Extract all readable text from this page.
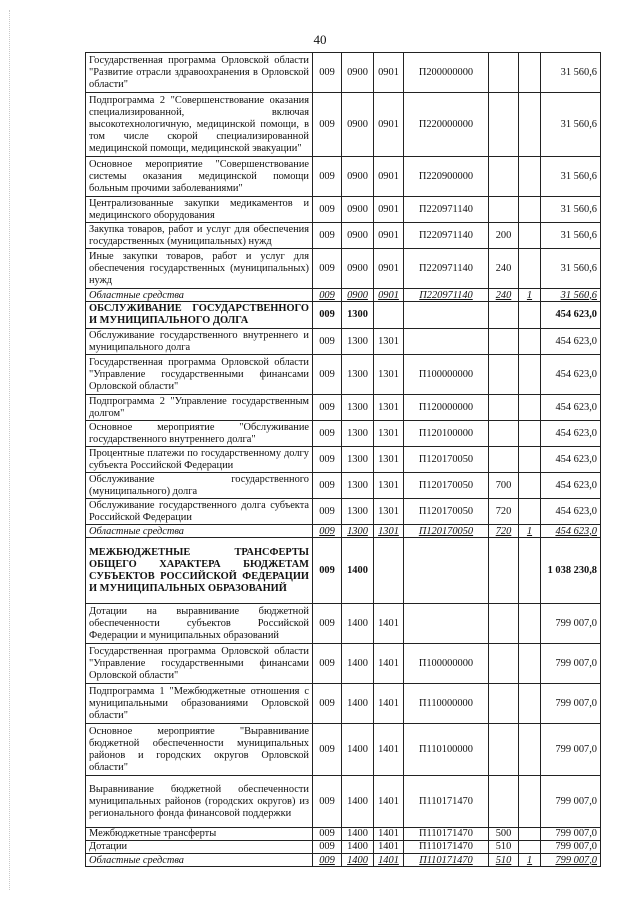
40
Государственная программа Орловской области "Развитие отрасли здравоохранения в Орловской области"	009	0900	0901	П200000000			31 560,6
Подпрограмма 2 "Совершенствование оказания специализированной, включая высокотехнологичную, медицинской помощи, в том числе скорой специализированной медицинской помощи, медицинской эвакуации"	009	0900	0901	П220000000			31 560,6
Основное мероприятие "Совершенствование системы оказания медицинской помощи больным прочими заболеваниями"	009	0900	0901	П220900000			31 560,6
Централизованные закупки медикаментов и медицинского оборудования	009	0900	0901	П220971140			31 560,6
Закупка товаров, работ и услуг для обеспечения государственных (муниципальных) нужд	009	0900	0901	П220971140	200		31 560,6
Иные закупки товаров, работ и услуг для обеспечения государственных (муниципальных) нужд	009	0900	0901	П220971140	240		31 560,6
Областные средства	009	0900	0901	П220971140	240	1	31 560,6
ОБСЛУЖИВАНИЕ ГОСУДАРСТВЕННОГО И МУНИЦИПАЛЬНОГО ДОЛГА	009	1300					454 623,0
Обслуживание государственного внутреннего и муниципального долга	009	1300	1301				454 623,0
Государственная программа Орловской области "Управление государственными финансами Орловской области"	009	1300	1301	П100000000			454 623,0
Подпрограмма 2 "Управление государственным долгом"	009	1300	1301	П120000000			454 623,0
Основное мероприятие "Обслуживание государственного внутреннего долга"	009	1300	1301	П120100000			454 623,0
Процентные платежи по государственному долгу субъекта Российской Федерации	009	1300	1301	П120170050			454 623,0
Обслуживание государственного (муниципального) долга	009	1300	1301	П120170050	700		454 623,0
Обслуживание государственного долга субъекта Российской Федерации	009	1300	1301	П120170050	720		454 623,0
Областные средства	009	1300	1301	П120170050	720	1	454 623,0
МЕЖБЮДЖЕТНЫЕ ТРАНСФЕРТЫ ОБЩЕГО ХАРАКТЕРА БЮДЖЕТАМ СУБЪЕКТОВ РОССИЙСКОЙ ФЕДЕРАЦИИ И МУНИЦИПАЛЬНЫХ ОБРАЗОВАНИЙ	009	1400					1 038 230,8
Дотации на выравнивание бюджетной обеспеченности субъектов Российской Федерации и муниципальных образований	009	1400	1401				799 007,0
Государственная программа Орловской области "Управление государственными финансами Орловской области"	009	1400	1401	П100000000			799 007,0
Подпрограмма 1 "Межбюджетные отношения с муниципальными образованиями Орловской области"	009	1400	1401	П110000000			799 007,0
Основное мероприятие "Выравнивание бюджетной обеспеченности муниципальных районов и городских округов Орловской области"	009	1400	1401	П110100000			799 007,0
Выравнивание бюджетной обеспеченности муниципальных районов (городских округов) из регионального фонда финансовой поддержки	009	1400	1401	П110171470			799 007,0
Межбюджетные трансферты	009	1400	1401	П110171470	500		799 007,0
Дотации	009	1400	1401	П110171470	510		799 007,0
Областные средства	009	1400	1401	П110171470	510	1	799 007,0
